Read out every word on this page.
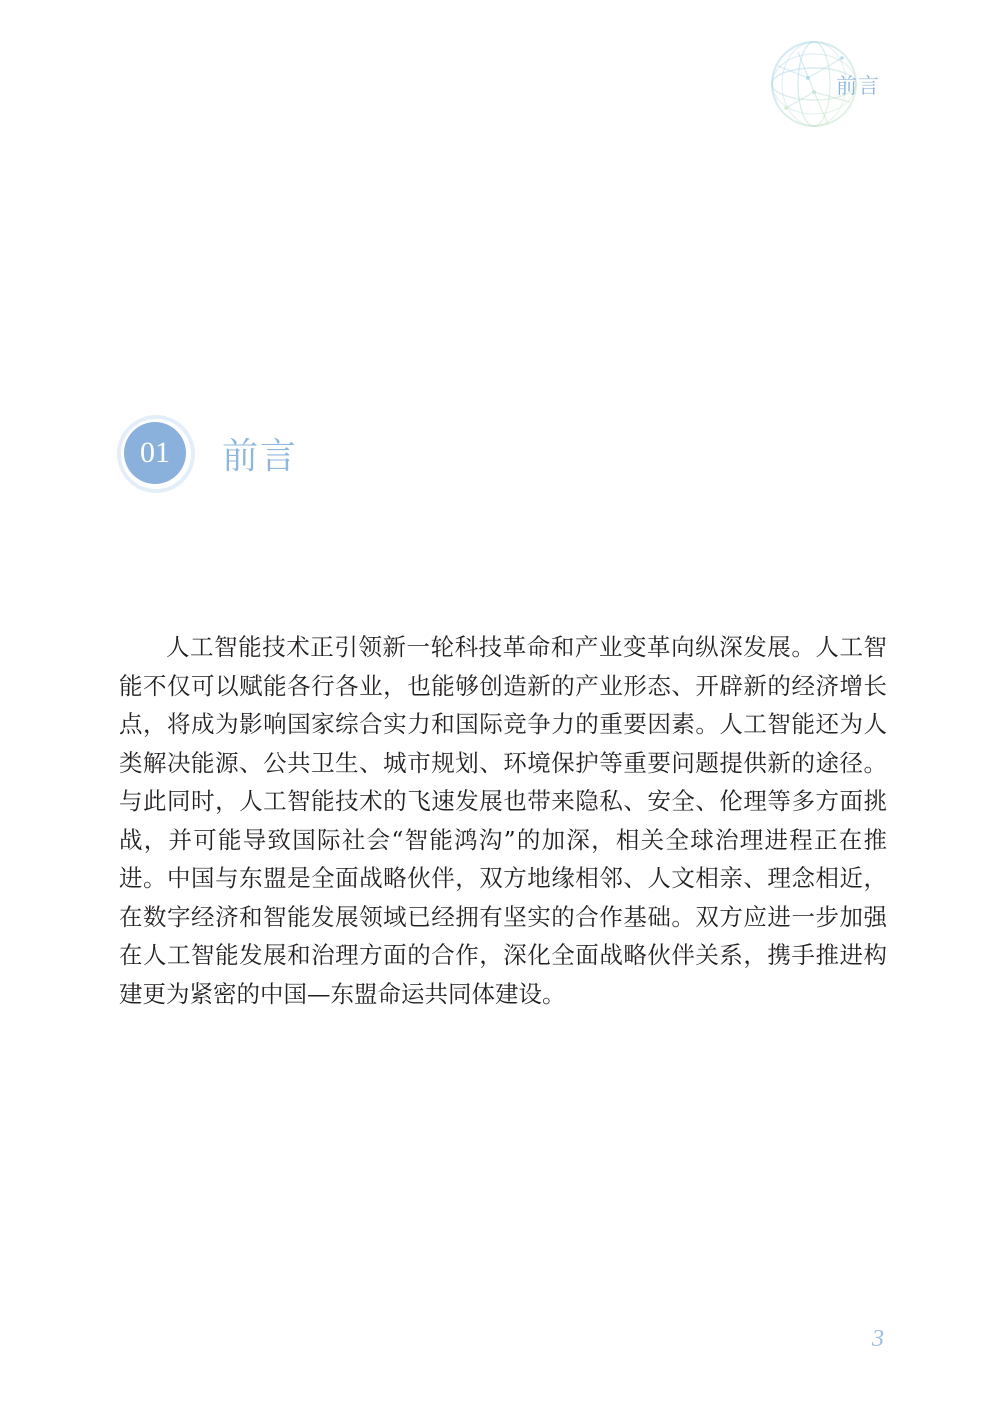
前言
01	前言

人工智能技术正引领新一轮科技革命和产业变革向纵深发展。人工智能不仅可以赋能各行各业，也能够创造新的产业形态、开辟新的经济增长点，将成为影响国家综合实力和国际竞争力的重要因素。人工智能还为人类解决能源、公共卫生、城市规划、环境保护等重要问题提供新的途径。与此同时，人工智能技术的飞速发展也带来隐私、安全、伦理等多方面挑战，并可能导致国际社会“智能鸿沟”的加深，相关全球治理进程正在推进。中国与东盟是全面战略伙伴，双方地缘相邻、人文相亲、理念相近，在数字经济和智能发展领域已经拥有坚实的合作基础。双方应进一步加强在人工智能发展和治理方面的合作，深化全面战略伙伴关系，携手推进构建更为紧密的中国—东盟命运共同体建设。

3
